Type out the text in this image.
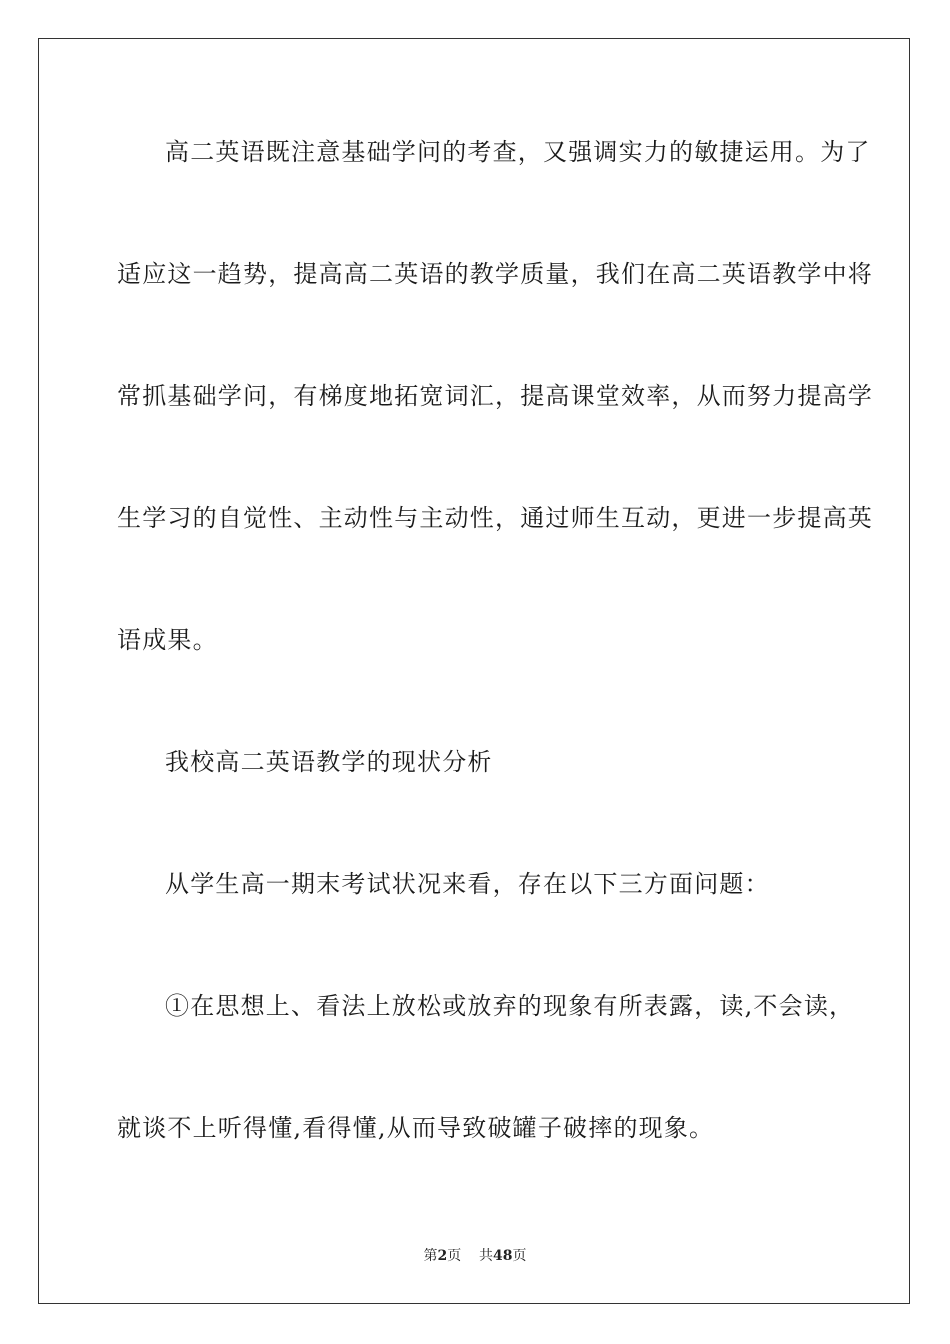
高二英语既注意基础学问的考查，又强调实力的敏捷运用。为了
适应这一趋势，提高高二英语的教学质量，我们在高二英语教学中将
常抓基础学问，有梯度地拓宽词汇，提高课堂效率，从而努力提高学
生学习的自觉性、主动性与主动性，通过师生互动，更进一步提高英
语成果。
我校高二英语教学的现状分析
从学生高一期末考试状况来看，存在以下三方面问题：
①在思想上、看法上放松或放弃的现象有所表露，读,不会读，
就谈不上听得懂,看得懂,从而导致破罐子破摔的现象。
第2页 共48页
